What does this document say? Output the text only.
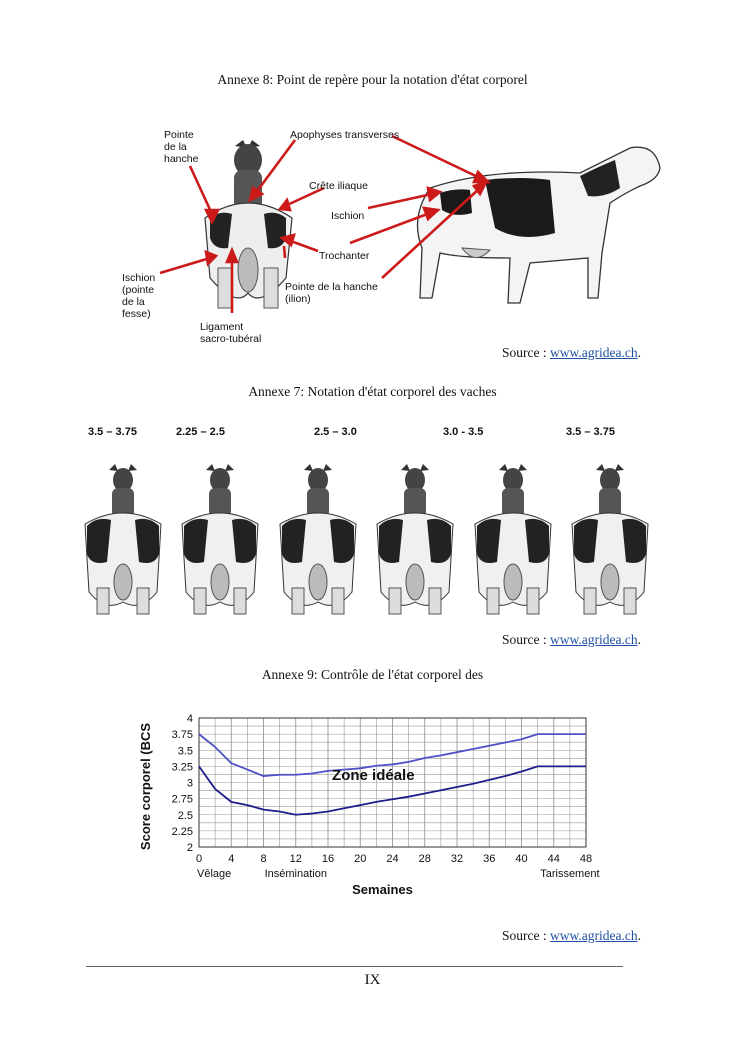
Annexe 8: Point de repère pour la notation d'état corporel
Pointe
de la
hanche
Apophyses transverses
Crête iliaque
Ischion
Trochanter
Pointe de la hanche
(ilion)
Ischion
(pointe
de la
fesse)
Ligament
sacro-tubéral
Source : www.agridea.ch.
Annexe 7: Notation d'état corporel des vaches
3.5 – 3.75	2.25 – 2.5	2.5 – 3.0	3.0 - 3.5	3.5 – 3.75
Source : www.agridea.ch.
Annexe 9: Contrôle de l'état corporel des
2
2.25
2.5
2.75
3
3.25
3.5
3.75
4
0 4 8 12 16 20 24 28 32 36 40 44 48
Vêlage	Insémination	Tarissement
Semaines
Score corporel (BCS	Zone idéale
Source : www.agridea.ch.
IX
